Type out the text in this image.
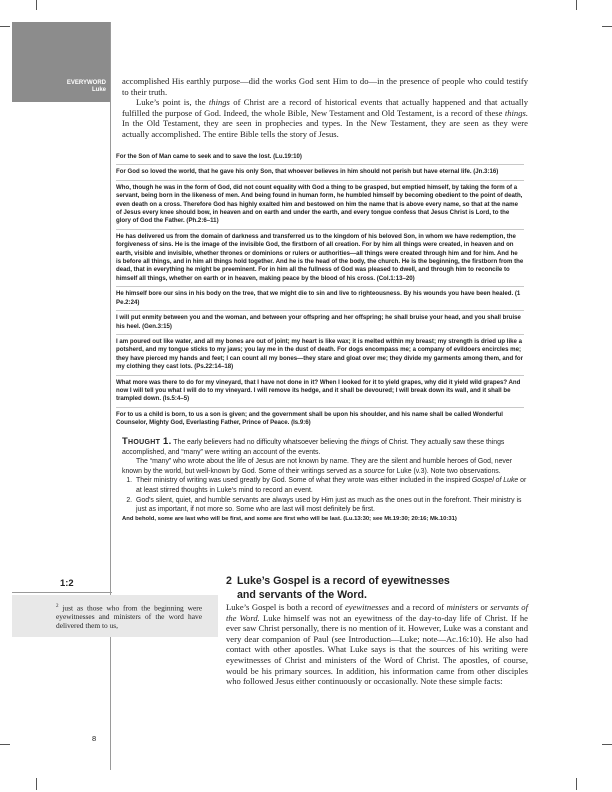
EVERYWORD
Luke

accomplished His earthly purpose—did the works God sent Him to do—in the presence of people who could testify to their truth.

Luke’s point is, the things of Christ are a record of historical events that actually happened and that actually fulfilled the purpose of God. Indeed, the whole Bible, New Testament and Old Testament, is a record of these things. In the Old Testament, they are seen in prophecies and types. In the New Testament, they are seen as they were actually accomplished. The entire Bible tells the story of Jesus.

For the Son of Man came to seek and to save the lost. (Lu.19:10)

For God so loved the world, that he gave his only Son, that whoever believes in him should not perish but have eternal life. (Jn.3:16)

Who, though he was in the form of God, did not count equality with God a thing to be grasped, but emptied himself, by taking the form of a servant, being born in the likeness of men. And being found in human form, he humbled himself by becoming obedient to the point of death, even death on a cross. Therefore God has highly exalted him and bestowed on him the name that is above every name, so that at the name of Jesus every knee should bow, in heaven and on earth and under the earth, and every tongue confess that Jesus Christ is Lord, to the glory of God the Father. (Ph.2:6–11)

He has delivered us from the domain of darkness and transferred us to the kingdom of his beloved Son, in whom we have redemption, the forgiveness of sins. He is the image of the invisible God, the firstborn of all creation. For by him all things were created, in heaven and on earth, visible and invisible, whether thrones or dominions or rulers or authorities—all things were created through him and for him. And he is before all things, and in him all things hold together. And he is the head of the body, the church. He is the beginning, the firstborn from the dead, that in everything he might be preeminent. For in him all the fullness of God was pleased to dwell, and through him to reconcile to himself all things, whether on earth or in heaven, making peace by the blood of his cross. (Col.1:13–20)

He himself bore our sins in his body on the tree, that we might die to sin and live to righteousness. By his wounds you have been healed. (1 Pe.2:24)

I will put enmity between you and the woman, and between your offspring and her offspring; he shall bruise your head, and you shall bruise his heel. (Gen.3:15)

I am poured out like water, and all my bones are out of joint; my heart is like wax; it is melted within my breast; my strength is dried up like a potsherd, and my tongue sticks to my jaws; you lay me in the dust of death. For dogs encompass me; a company of evildoers encircles me; they have pierced my hands and feet; I can count all my bones—they stare and gloat over me; they divide my garments among them, and for my clothing they cast lots. (Ps.22:14–18)

What more was there to do for my vineyard, that I have not done in it? When I looked for it to yield grapes, why did it yield wild grapes? And now I will tell you what I will do to my vineyard. I will remove its hedge, and it shall be devoured; I will break down its wall, and it shall be trampled down. (Is.5:4–5)

For to us a child is born, to us a son is given; and the government shall be upon his shoulder, and his name shall be called Wonderful Counselor, Mighty God, Everlasting Father, Prince of Peace. (Is.9:6)

Thought 1. The early believers had no difficulty whatsoever believing the things of Christ. They actually saw these things accomplished, and “many” were writing an account of the events.

The “many” who wrote about the life of Jesus are not known by name. They are the silent and humble heroes of God, never known by the world, but well-known by God. Some of their writings served as a source for Luke (v.3). Note two observations.

1. Their ministry of writing was used greatly by God. Some of what they wrote was either included in the inspired Gospel of Luke or at least stirred thoughts in Luke’s mind to record an event.
2. God’s silent, quiet, and humble servants are always used by Him just as much as the ones out in the forefront. Their ministry is just as important, if not more so. Some who are last will most definitely be first.

And behold, some are last who will be first, and some are first who will be last. (Lu.13:30; see Mt.19:30; 20:16; Mk.10:31)

1:2
$^2$ just as those who from the beginning were eyewitnesses and ministers of the word have delivered them to us,
2 Luke’s Gospel is a record of eyewitnesses
and servants of the Word.

Luke’s Gospel is both a record of eyewitnesses and a record of ministers or servants of the Word. Luke himself was not an eyewitness of the day-to-day life of Christ. If he ever saw Christ personally, there is no mention of it. However, Luke was a constant and very dear companion of Paul (see Introduction—Luke; note—Ac.16:10). He also had contact with other apostles. What Luke says is that the sources of his writing were eyewitnesses of Christ and ministers of the Word of Christ. The apostles, of course, would be his primary sources. In addition, his information came from other disciples who followed Jesus either continuously or occasionally. Note these simple facts:

8
